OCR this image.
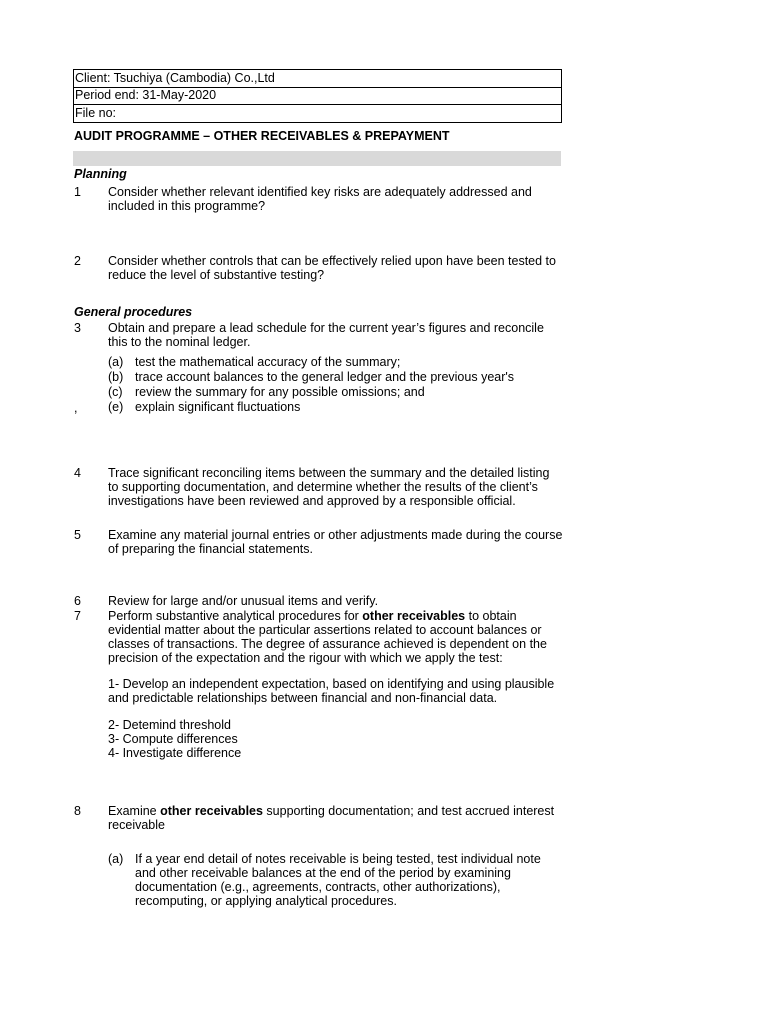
Client: Tsuchiya (Cambodia) Co.,Ltd
Period end: 31-May-2020
File no:
AUDIT PROGRAMME – OTHER RECEIVABLES & PREPAYMENT
Planning
1 Consider whether relevant identified key risks are adequately addressed and included in this programme?
2 Consider whether controls that can be effectively relied upon have been tested to reduce the level of substantive testing?
General procedures
3 Obtain and prepare a lead schedule for the current year’s figures and reconcile this to the nominal ledger.
(a) test the mathematical accuracy of the summary;
(b) trace account balances to the general ledger and the previous year's
(c) review the summary for any possible omissions; and
, (e) explain significant fluctuations
4 Trace significant reconciling items between the summary and the detailed listing to supporting documentation, and determine whether the results of the client’s investigations have been reviewed and approved by a responsible official.
5 Examine any material journal entries or other adjustments made during the course of preparing the financial statements.
6 Review for large and/or unusual items and verify.
7 Perform substantive analytical procedures for other receivables to obtain evidential matter about the particular assertions related to account balances or classes of transactions. The degree of assurance achieved is dependent on the precision of the expectation and the rigour with which we apply the test:
1- Develop an independent expectation, based on identifying and using plausible and predictable relationships between financial and non-financial data.
2- Detemind threshold
3- Compute differences
4- Investigate difference
8 Examine other receivables supporting documentation; and test accrued interest receivable
(a) If a year end detail of notes receivable is being tested, test individual note and other receivable balances at the end of the period by examining documentation (e.g., agreements, contracts, other authorizations), recomputing, or applying analytical procedures.
